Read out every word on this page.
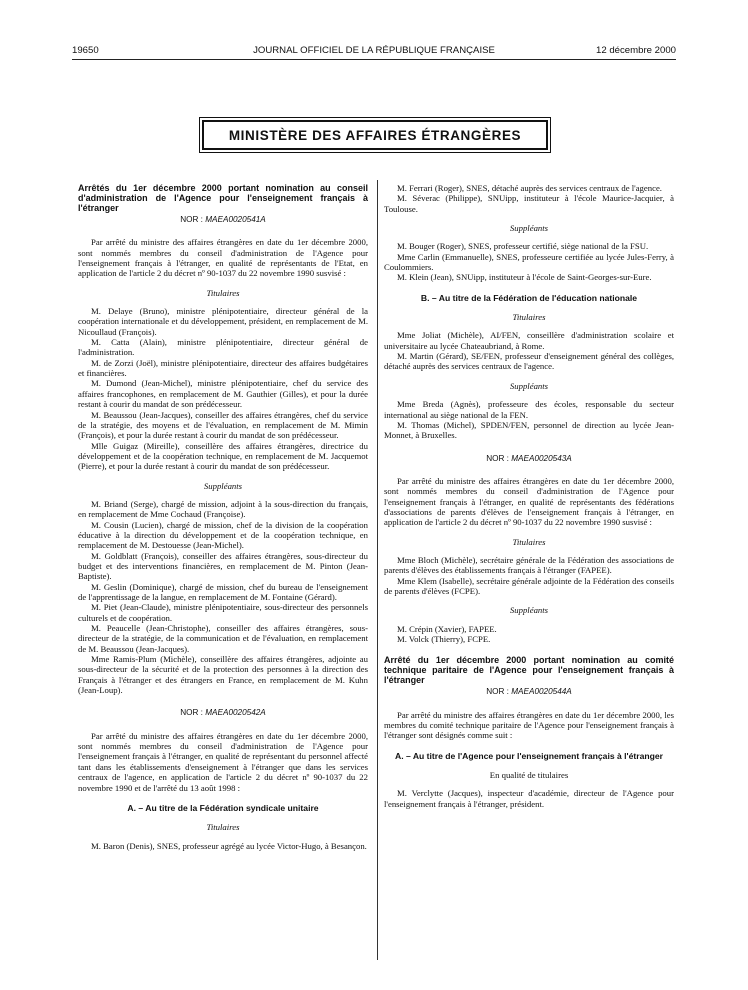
19650	JOURNAL OFFICIEL DE LA RÉPUBLIQUE FRANÇAISE	12 décembre 2000
MINISTÈRE DES AFFAIRES ÉTRANGÈRES
Arrêtés du 1er décembre 2000 portant nomination au conseil d'administration de l'Agence pour l'enseignement français à l'étranger
NOR : MAEA0020541A

Par arrêté du ministre des affaires étrangères en date du 1er décembre 2000, sont nommés membres du conseil d'administration de l'Agence pour l'enseignement français à l'étranger, en qualité de représentants de l'Etat, en application de l'article 2 du décret nº 90-1037 du 22 novembre 1990 susvisé :

Titulaires

M. Delaye (Bruno), ministre plénipotentiaire, directeur général de la coopération internationale et du développement, président, en remplacement de M. Nicoullaud (François).

M. Catta (Alain), ministre plénipotentiaire, directeur général de l'administration.

M. de Zorzi (Joël), ministre plénipotentiaire, directeur des affaires budgétaires et financières.

M. Dumond (Jean-Michel), ministre plénipotentiaire, chef du service des affaires francophones, en remplacement de M. Gauthier (Gilles), et pour la durée restant à courir du mandat de son prédécesseur.

M. Beaussou (Jean-Jacques), conseiller des affaires étrangères, chef du service de la stratégie, des moyens et de l'évaluation, en remplacement de M. Mimin (François), et pour la durée restant à courir du mandat de son prédécesseur.

Mlle Guigaz (Mireille), conseillère des affaires étrangères, directrice du développement et de la coopération technique, en remplacement de M. Jacquemot (Pierre), et pour la durée restant à courir du mandat de son prédécesseur.

Suppléants

M. Briand (Serge), chargé de mission, adjoint à la sous-direction du français, en remplacement de Mme Cochaud (Françoise).

M. Cousin (Lucien), chargé de mission, chef de la division de la coopération éducative à la direction du développement et de la coopération technique, en remplacement de M. Destouesse (Jean-Michel).

M. Goldblatt (François), conseiller des affaires étrangères, sous-directeur du budget et des interventions financières, en remplacement de M. Pinton (Jean-Baptiste).

M. Geslin (Dominique), chargé de mission, chef du bureau de l'enseignement de l'apprentissage de la langue, en remplacement de M. Fontaine (Gérard).

M. Piet (Jean-Claude), ministre plénipotentiaire, sous-directeur des personnels culturels et de coopération.

M. Peaucelle (Jean-Christophe), conseiller des affaires étrangères, sous-directeur de la stratégie, de la communication et de l'évaluation, en remplacement de M. Beaussou (Jean-Jacques).

Mme Ramis-Plum (Michèle), conseillère des affaires étrangères, adjointe au sous-directeur de la sécurité et de la protection des personnes à la direction des Français à l'étranger et des étrangers en France, en remplacement de M. Kuhn (Jean-Loup).

NOR : MAEA0020542A

Par arrêté du ministre des affaires étrangères en date du 1er décembre 2000, sont nommés membres du conseil d'administration de l'Agence pour l'enseignement français à l'étranger, en qualité de représentant du personnel affecté tant dans les établissements d'enseignement à l'étranger que dans les services centraux de l'agence, en application de l'article 2 du décret nº 90-1037 du 22 novembre 1990 et de l'arrêté du 13 août 1998 :

A. – Au titre de la Fédération syndicale unitaire
Titulaires

M. Baron (Denis), SNES, professeur agrégé au lycée Victor-Hugo, à Besançon.

M. Ferrari (Roger), SNES, détaché auprès des services centraux de l'agence.

M. Séverac (Philippe), SNUipp, instituteur à l'école Maurice-Jacquier, à Toulouse.

Suppléants

M. Bouger (Roger), SNES, professeur certifié, siège national de la FSU.

Mme Carlin (Emmanuelle), SNES, professeure certifiée au lycée Jules-Ferry, à Coulommiers.

M. Klein (Jean), SNUipp, instituteur à l'école de Saint-Georges-sur-Eure.

B. – Au titre de la Fédération de l'éducation nationale
Titulaires

Mme Joliat (Michèle), AI/FEN, conseillère d'administration scolaire et universitaire au lycée Chateaubriand, à Rome.

M. Martin (Gérard), SE/FEN, professeur d'enseignement général des collèges, détaché auprès des services centraux de l'agence.

Suppléants

Mme Breda (Agnès), professeure des écoles, responsable du secteur international au siège national de la FEN.

M. Thomas (Michel), SPDEN/FEN, personnel de direction au lycée Jean-Monnet, à Bruxelles.

NOR : MAEA0020543A

Par arrêté du ministre des affaires étrangères en date du 1er décembre 2000, sont nommés membres du conseil d'administration de l'Agence pour l'enseignement français à l'étranger, en qualité de représentants des fédérations d'associations de parents d'élèves de l'enseignement français à l'étranger, en application de l'article 2 du décret nº 90-1037 du 22 novembre 1990 susvisé :

Titulaires

Mme Bloch (Michèle), secrétaire générale de la Fédération des associations de parents d'élèves des établissements français à l'étranger (FAPEE).

Mme Klem (Isabelle), secrétaire générale adjointe de la Fédération des conseils de parents d'élèves (FCPE).

Suppléants

M. Crépin (Xavier), FAPEE.

M. Volck (Thierry), FCPE.

Arrêté du 1er décembre 2000 portant nomination au comité technique paritaire de l'Agence pour l'enseignement français à l'étranger
NOR : MAEA0020544A

Par arrêté du ministre des affaires étrangères en date du 1er décembre 2000, les membres du comité technique paritaire de l'Agence pour l'enseignement français à l'étranger sont désignés comme suit :

A. – Au titre de l'Agence pour l'enseignement français à l'étranger
En qualité de titulaires

M. Verclytte (Jacques), inspecteur d'académie, directeur de l'Agence pour l'enseignement français à l'étranger, président.
